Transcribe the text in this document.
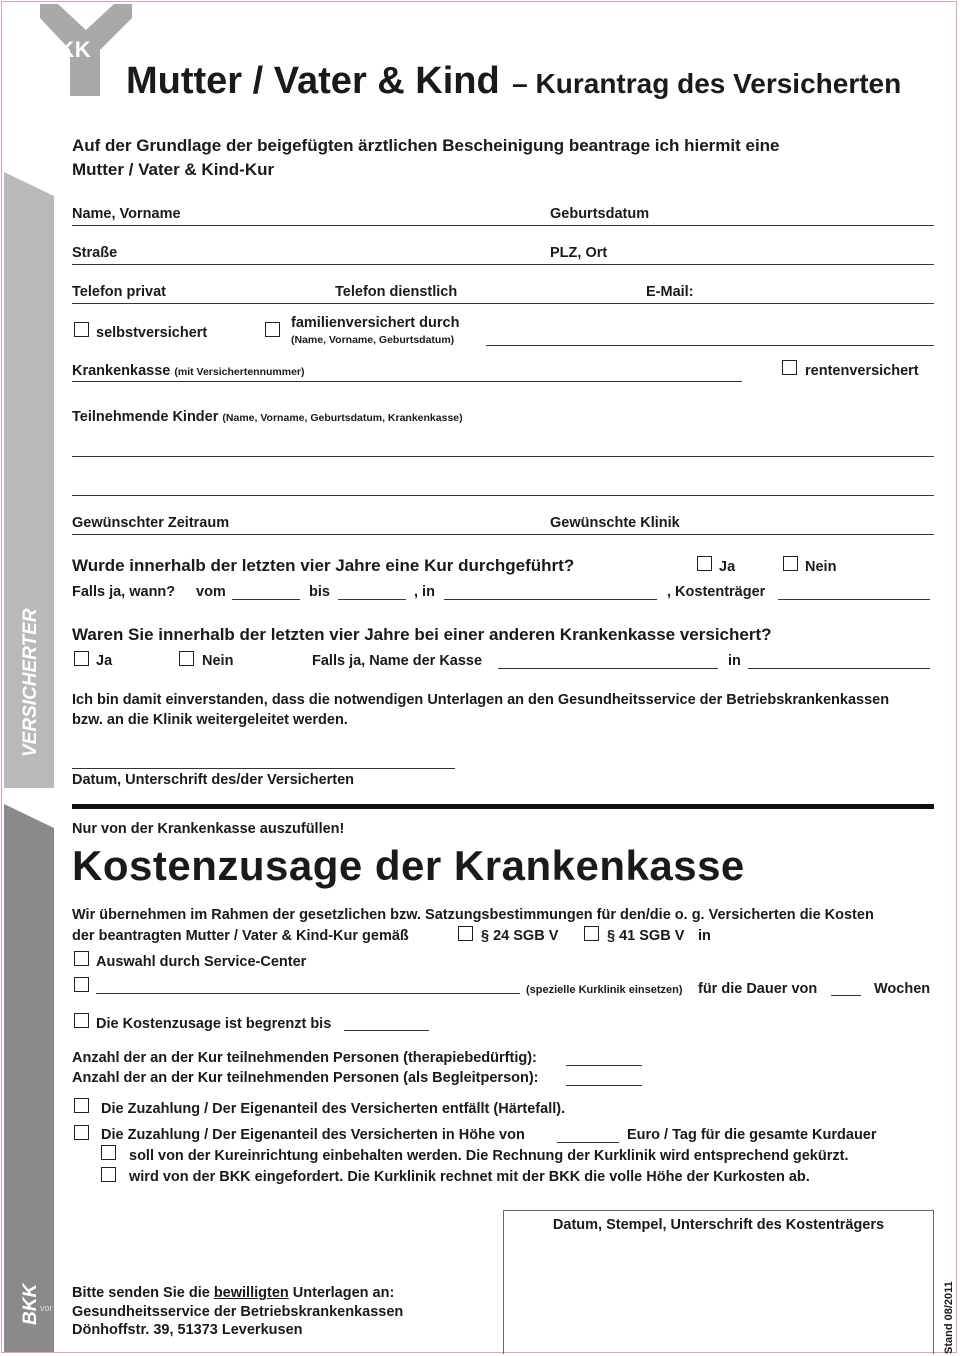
BKK
Mutter / Vater & Kind – Kurantrag des Versicherten
Auf der Grundlage der beigefügten ärztlichen Bescheinigung beantrage ich hiermit eine
Mutter / Vater & Kind-Kur
VERSICHERTER
BKK
Name, Vorname	Geburtsdatum
Straße	PLZ, Ort
Telefon privat	Telefon dienstlich	E-Mail:
selbstversichert
familienversichert durch
(Name, Vorname, Geburtsdatum)
Krankenkasse (mit Versichertennummer)	rentenversichert
Teilnehmende Kinder (Name, Vorname, Geburtsdatum, Krankenkasse)
Gewünschter Zeitraum	Gewünschte Klinik
Wurde innerhalb der letzten vier Jahre eine Kur durchgeführt?	Ja	Nein
Falls ja, wann? vom	bis	, in	, Kostenträger
Waren Sie innerhalb der letzten vier Jahre bei einer anderen Krankenkasse versichert?
Ja	Nein	Falls ja, Name der Kasse	in
Ich bin damit einverstanden, dass die notwendigen Unterlagen an den Gesundheitsservice der Betriebskrankenkassen
bzw. an die Klinik weitergeleitet werden.
Datum, Unterschrift des/der Versicherten
Nur von der Krankenkasse auszufüllen!
Kostenzusage der Krankenkasse
Wir übernehmen im Rahmen der gesetzlichen bzw. Satzungsbestimmungen für den/die o. g. Versicherten die Kosten
der beantragten Mutter / Vater & Kind-Kur gemäß	§ 24 SGB V	§ 41 SGB V in
Auswahl durch Service-Center
(spezielle Kurklinik einsetzen) für die Dauer von	Wochen
Die Kostenzusage ist begrenzt bis
Anzahl der an der Kur teilnehmenden Personen (therapiebedürftig):
Anzahl der an der Kur teilnehmenden Personen (als Begleitperson):
Die Zuzahlung / Der Eigenanteil des Versicherten entfällt (Härtefall).
Die Zuzahlung / Der Eigenanteil des Versicherten in Höhe von	Euro / Tag für die gesamte Kurdauer
soll von der Kureinrichtung einbehalten werden. Die Rechnung der Kurklinik wird entsprechend gekürzt.
wird von der BKK eingefordert. Die Kurklinik rechnet mit der BKK die volle Höhe der Kurkosten ab.
Datum, Stempel, Unterschrift des Kostenträgers
Bitte senden Sie die bewilligten Unterlagen an:
Gesundheitsservice der Betriebskrankenkassen
Dönhoffstr. 39, 51373 Leverkusen
vor	Stand 08/2011
